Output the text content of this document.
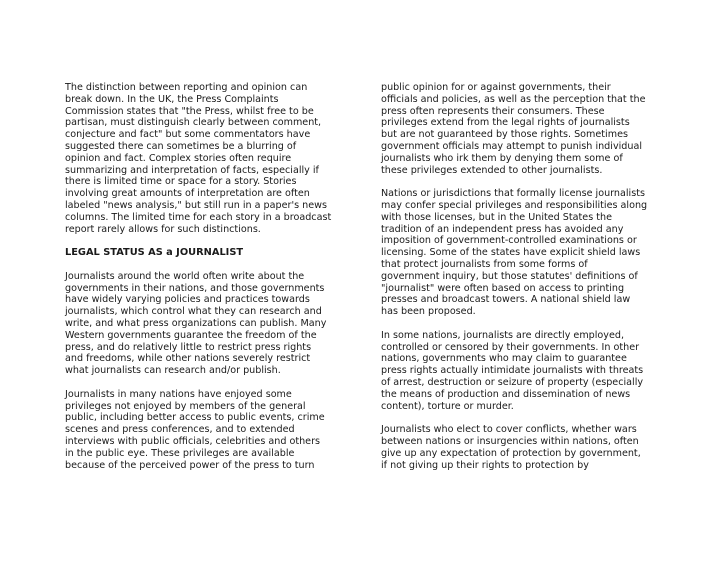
The distinction between reporting and opinion can
break down. In the UK, the Press Complaints
Commission states that "the Press, whilst free to be
partisan, must distinguish clearly between comment,
conjecture and fact" but some commentators have
suggested there can sometimes be a blurring of
opinion and fact. Complex stories often require
summarizing and interpretation of facts, especially if
there is limited time or space for a story. Stories
involving great amounts of interpretation are often
labeled "news analysis," but still run in a paper's news
columns. The limited time for each story in a broadcast
report rarely allows for such distinctions.

LEGAL STATUS AS a JOURNALIST

Journalists around the world often write about the
governments in their nations, and those governments
have widely varying policies and practices towards
journalists, which control what they can research and
write, and what press organizations can publish. Many
Western governments guarantee the freedom of the
press, and do relatively little to restrict press rights
and freedoms, while other nations severely restrict
what journalists can research and/or publish.

Journalists in many nations have enjoyed some
privileges not enjoyed by members of the general
public, including better access to public events, crime
scenes and press conferences, and to extended
interviews with public officials, celebrities and others
in the public eye. These privileges are available
because of the perceived power of the press to turn

public opinion for or against governments, their
officials and policies, as well as the perception that the
press often represents their consumers. These
privileges extend from the legal rights of journalists
but are not guaranteed by those rights. Sometimes
government officials may attempt to punish individual
journalists who irk them by denying them some of
these privileges extended to other journalists.

Nations or jurisdictions that formally license journalists
may confer special privileges and responsibilities along
with those licenses, but in the United States the
tradition of an independent press has avoided any
imposition of government-controlled examinations or
licensing. Some of the states have explicit shield laws
that protect journalists from some forms of
government inquiry, but those statutes' definitions of
"journalist" were often based on access to printing
presses and broadcast towers. A national shield law
has been proposed.

In some nations, journalists are directly employed,
controlled or censored by their governments. In other
nations, governments who may claim to guarantee
press rights actually intimidate journalists with threats
of arrest, destruction or seizure of property (especially
the means of production and dissemination of news
content), torture or murder.

Journalists who elect to cover conflicts, whether wars
between nations or insurgencies within nations, often
give up any expectation of protection by government,
if not giving up their rights to protection by
